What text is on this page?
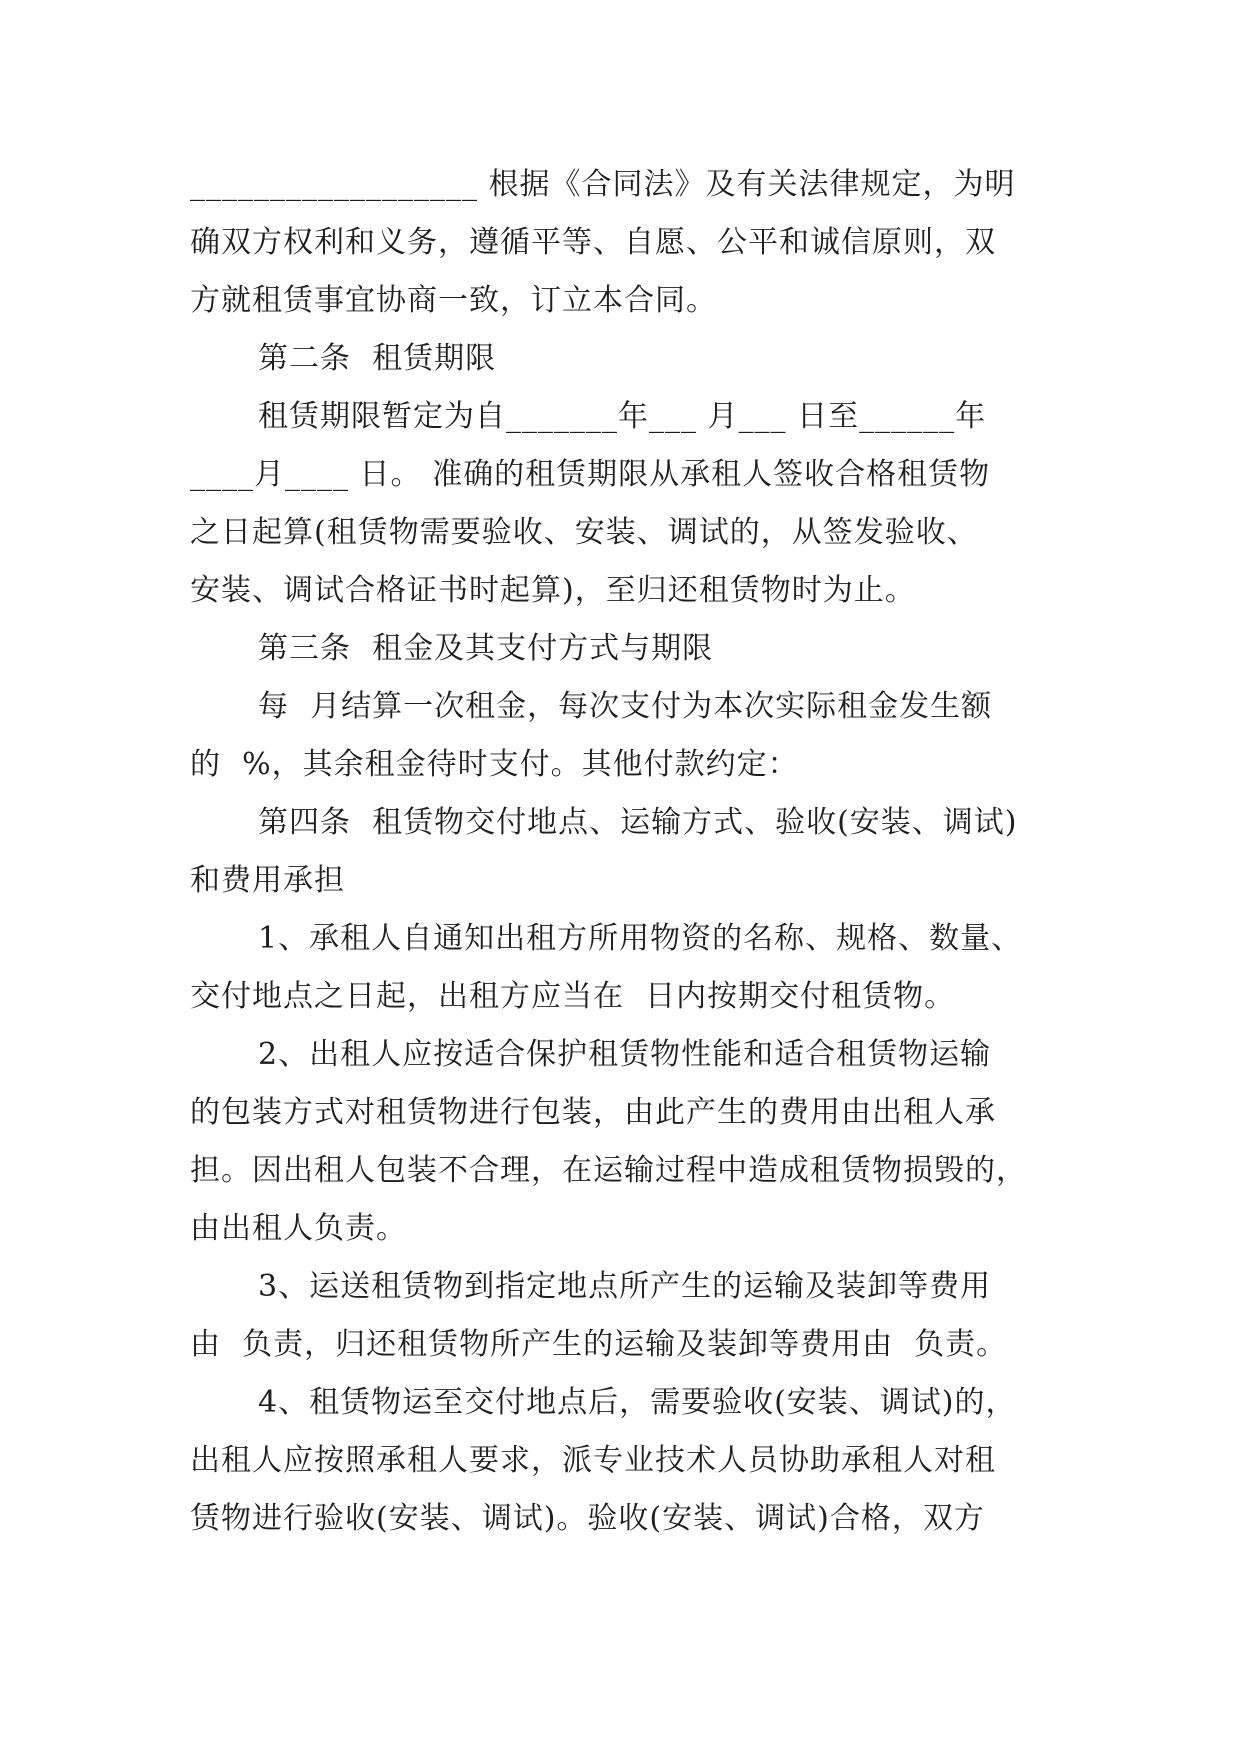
__________________ 根据《合同法》及有关法律规定，为明

确双方权利和义务，遵循平等、自愿、公平和诚信原则，双

方就租赁事宜协商一致，订立本合同。

第二条  租赁期限

租赁期限暂定为自_______年___ 月___ 日至______年

____月____ 日。 准确的租赁期限从承租人签收合格租赁物

之日起算(租赁物需要验收、安装、调试的，从签发验收、

安装、调试合格证书时起算)，至归还租赁物时为止。

第三条  租金及其支付方式与期限

每  月结算一次租金，每次支付为本次实际租金发生额

的  %，其余租金待时支付。其他付款约定：

第四条  租赁物交付地点、运输方式、验收(安装、调试)

和费用承担

1、承租人自通知出租方所用物资的名称、规格、数量、

交付地点之日起，出租方应当在  日内按期交付租赁物。

2、出租人应按适合保护租赁物性能和适合租赁物运输

的包装方式对租赁物进行包装，由此产生的费用由出租人承

担。因出租人包装不合理，在运输过程中造成租赁物损毁的，

由出租人负责。

3、运送租赁物到指定地点所产生的运输及装卸等费用

由  负责，归还租赁物所产生的运输及装卸等费用由  负责。

4、租赁物运至交付地点后，需要验收(安装、调试)的，

出租人应按照承租人要求，派专业技术人员协助承租人对租

赁物进行验收(安装、调试)。验收(安装、调试)合格，双方
